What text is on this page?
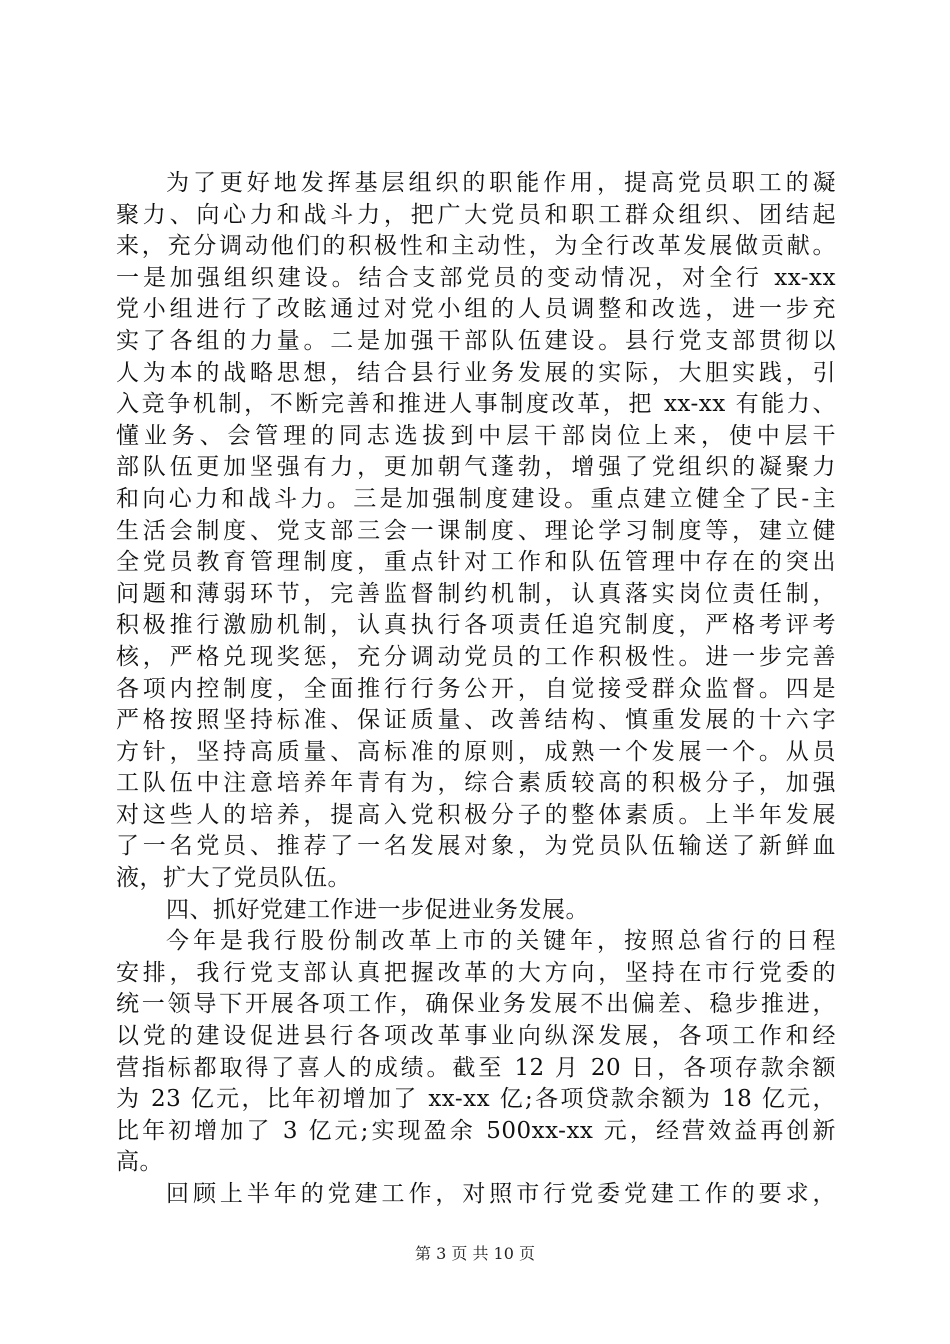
为了更好地发挥基层组织的职能作用，提高党员职工的凝
聚力、向心力和战斗力，把广大党员和职工群众组织、团结起
来，充分调动他们的积极性和主动性，为全行改革发展做贡献。
一是加强组织建设。结合支部党员的变动情况，对全行 xx-xx
党小组进行了改眩通过对党小组的人员调整和改选，进一步充
实了各组的力量。二是加强干部队伍建设。县行党支部贯彻以
人为本的战略思想，结合县行业务发展的实际，大胆实践，引
入竞争机制，不断完善和推进人事制度改革，把 xx-xx 有能力、
懂业务、会管理的同志选拔到中层干部岗位上来，使中层干
部队伍更加坚强有力，更加朝气蓬勃，增强了党组织的凝聚力
和向心力和战斗力。三是加强制度建设。重点建立健全了民-主
生活会制度、党支部三会一课制度、理论学习制度等，建立健
全党员教育管理制度，重点针对工作和队伍管理中存在的突出
问题和薄弱环节，完善监督制约机制，认真落实岗位责任制，
积极推行激励机制，认真执行各项责任追究制度，严格考评考
核，严格兑现奖惩，充分调动党员的工作积极性。进一步完善
各项内控制度，全面推行行务公开，自觉接受群众监督。四是
严格按照坚持标准、保证质量、改善结构、慎重发展的十六字
方针，坚持高质量、高标准的原则，成熟一个发展一个。从员
工队伍中注意培养年青有为，综合素质较高的积极分子，加强
对这些人的培养，提高入党积极分子的整体素质。上半年发展
了一名党员、推荐了一名发展对象，为党员队伍输送了新鲜血
液，扩大了党员队伍。
四、抓好党建工作进一步促进业务发展。
今年是我行股份制改革上市的关键年，按照总省行的日程
安排，我行党支部认真把握改革的大方向，坚持在市行党委的
统一领导下开展各项工作，确保业务发展不出偏差、稳步推进，
以党的建设促进县行各项改革事业向纵深发展，各项工作和经
营指标都取得了喜人的成绩。截至 12 月 20 日，各项存款余额
为 23 亿元，比年初增加了 xx-xx 亿;各项贷款余额为 18 亿元，
比年初增加了 3 亿元;实现盈余 500xx-xx 元，经营效益再创新
高。
回顾上半年的党建工作，对照市行党委党建工作的要求，
第 3 页 共 10 页
